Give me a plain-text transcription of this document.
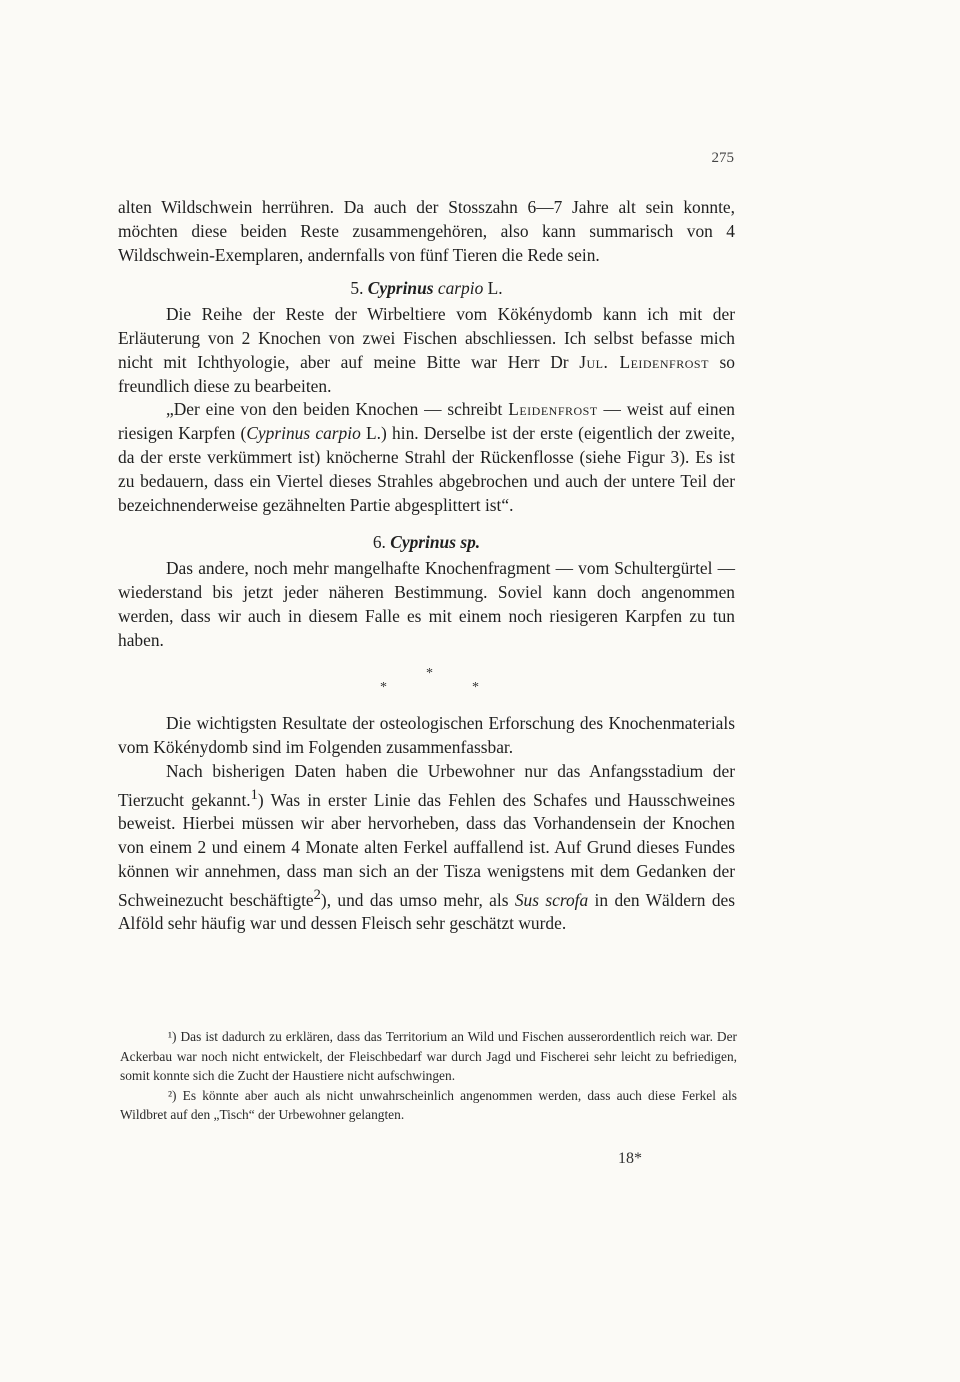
275

alten Wildschwein herrühren. Da auch der Stosszahn 6—7 Jahre alt sein konnte, möchten diese beiden Reste zusammengehören, also kann summarisch von 4 Wildschwein-Exemplaren, andernfalls von fünf Tieren die Rede sein.

5. Cyprinus carpio L.

Die Reihe der Reste der Wirbeltiere vom Kökénydomb kann ich mit der Erläuterung von 2 Knochen von zwei Fischen abschliessen. Ich selbst befasse mich nicht mit Ichthyologie, aber auf meine Bitte war Herr Dr Jul. Leidenfrost so freundlich diese zu bearbeiten.

„Der eine von den beiden Knochen — schreibt Leidenfrost — weist auf einen riesigen Karpfen (Cyprinus carpio L.) hin. Derselbe ist der erste (eigentlich der zweite, da der erste verkümmert ist) knöcherne Strahl der Rückenflosse (siehe Figur 3). Es ist zu bedauern, dass ein Viertel dieses Strahles abgebrochen und auch der untere Teil der bezeichnenderweise gezähnelten Partie abgesplittert ist“.

6. Cyprinus sp.

Das andere, noch mehr mangelhafte Knochenfragment — vom Schultergürtel — wiederstand bis jetzt jeder näheren Bestimmung. Soviel kann doch angenommen werden, dass wir auch in diesem Falle es mit einem noch riesigeren Karpfen zu tun haben.

*
*	*

Die wichtigsten Resultate der osteologischen Erforschung des Knochenmaterials vom Kökénydomb sind im Folgenden zusammenfassbar.

Nach bisherigen Daten haben die Urbewohner nur das Anfangsstadium der Tierzucht gekannt.$^1$) Was in erster Linie das Fehlen des Schafes und Hausschweines beweist. Hierbei müssen wir aber hervorheben, dass das Vorhandensein der Knochen von einem 2 und einem 4 Monate alten Ferkel auffallend ist. Auf Grund dieses Fundes können wir annehmen, dass man sich an der Tisza wenigstens mit dem Gedanken der Schweinezucht beschäftigte$^2$), und das umso mehr, als Sus scrofa in den Wäldern des Alföld sehr häufig war und dessen Fleisch sehr geschätzt wurde.

¹) Das ist dadurch zu erklären, dass das Territorium an Wild und Fischen ausserordentlich reich war. Der Ackerbau war noch nicht entwickelt, der Fleischbedarf war durch Jagd und Fischerei sehr leicht zu befriedigen, somit konnte sich die Zucht der Haustiere nicht aufschwingen.

²) Es könnte aber auch als nicht unwahrscheinlich angenommen werden, dass auch diese Ferkel als Wildbret auf den „Tisch“ der Urbewohner gelangten.

18*
